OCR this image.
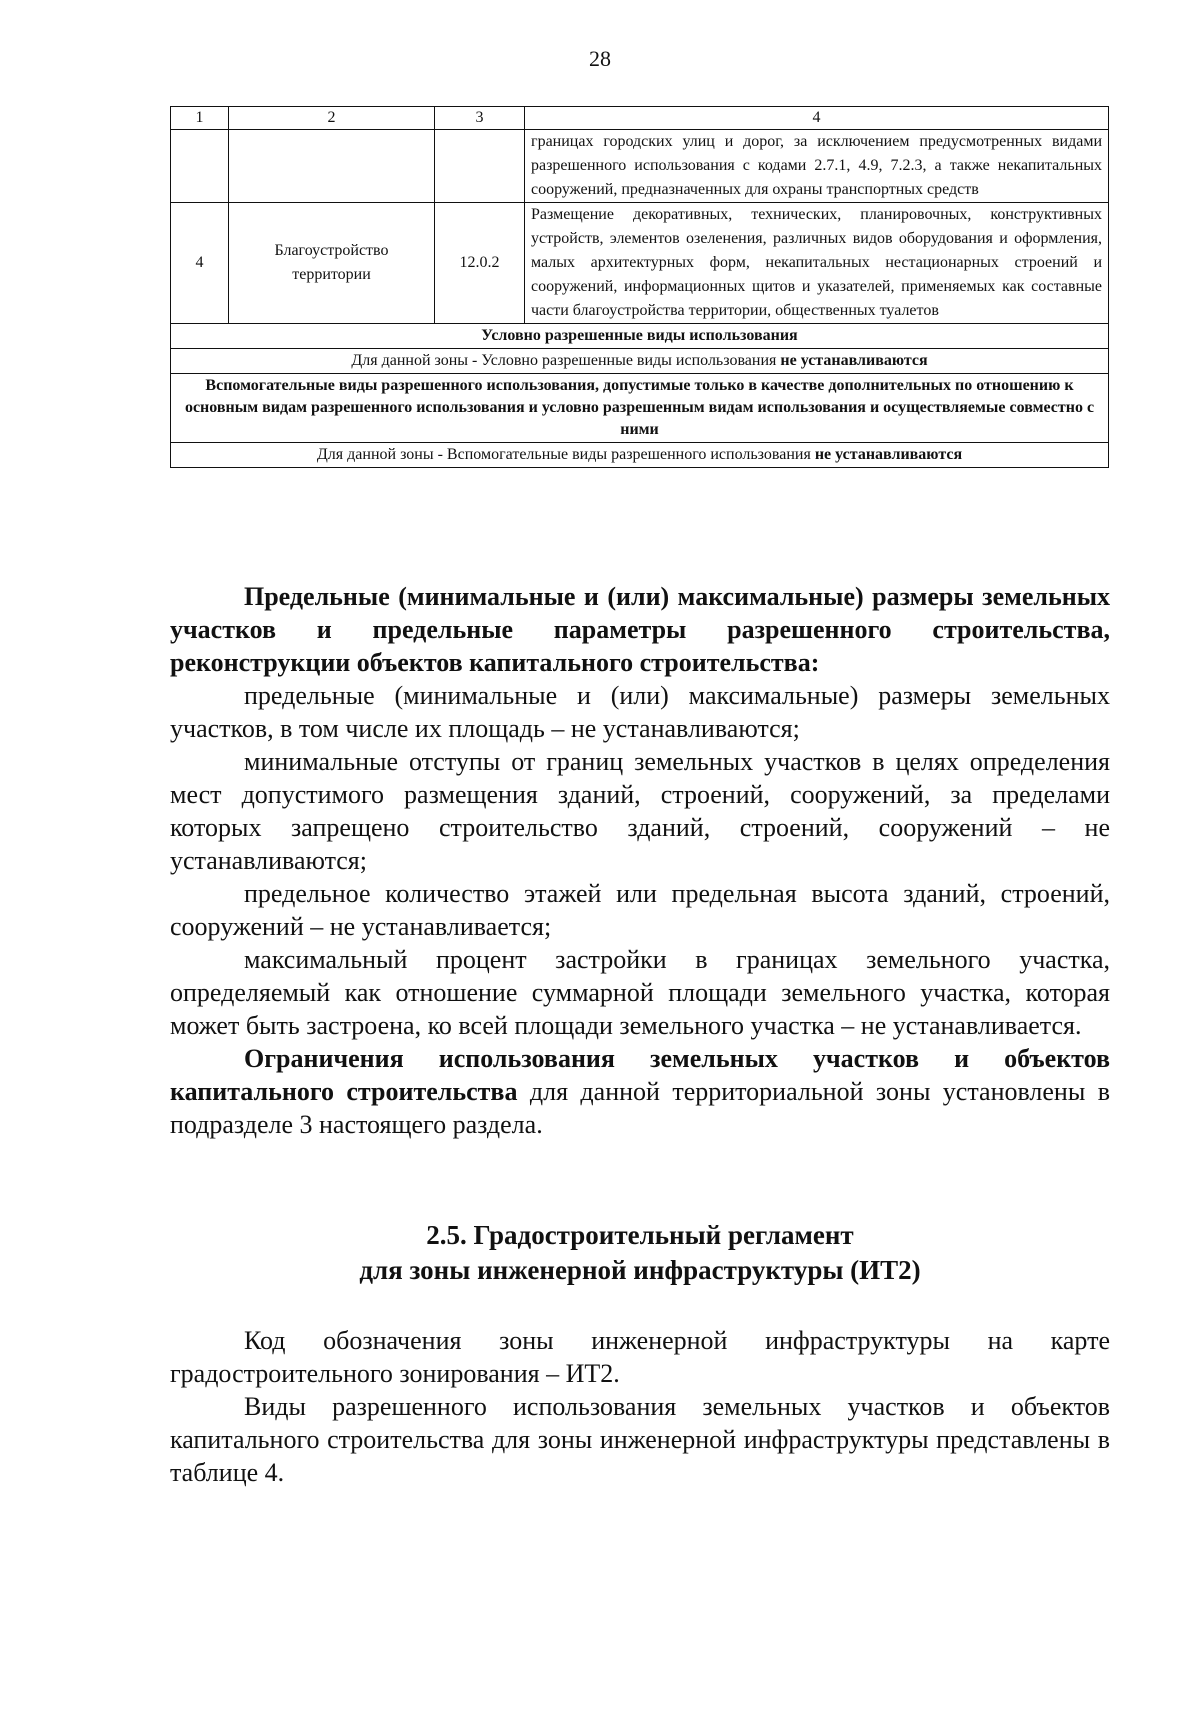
28
1	2	3	4
			границах городских улиц и дорог, за исключением предусмотренных видами разрешенного использования с кодами 2.7.1, 4.9, 7.2.3, а также некапитальных сооружений, предназначенных для охраны транспортных средств
4	Благоустройство территории	12.0.2	Размещение декоративных, технических, планировочных, конструктивных устройств, элементов озеленения, различных видов оборудования и оформления, малых архитектурных форм, некапитальных нестационарных строений и сооружений, информационных щитов и указателей, применяемых как составные части благоустройства территории, общественных туалетов
Условно разрешенные виды использования			
Для данной зоны - Условно разрешенные виды использования не устанавливаются			
Вспомогательные виды разрешенного использования, допустимые только в качестве дополнительных по отношению к основным видам разрешенного использования и условно разрешенным видам использования и осуществляемые совместно с ними			
Для данной зоны - Вспомогательные виды разрешенного использования не устанавливаются			

Предельные (минимальные и (или) максимальные) размеры земельных участков и предельные параметры разрешенного строительства, реконструкции объектов капитального строительства:

предельные (минимальные и (или) максимальные) размеры земельных участков, в том числе их площадь – не устанавливаются;

минимальные отступы от границ земельных участков в целях определения мест допустимого размещения зданий, строений, сооружений, за пределами которых запрещено строительство зданий, строений, сооружений – не устанавливаются;

предельное количество этажей или предельная высота зданий, строений, сооружений – не устанавливается;

максимальный процент застройки в границах земельного участка, определяемый как отношение суммарной площади земельного участка, которая может быть застроена, ко всей площади земельного участка – не устанавливается.

Ограничения использования земельных участков и объектов капитального строительства для данной территориальной зоны установлены в подразделе 3 настоящего раздела.

2.5. Градостроительный регламент
для зоны инженерной инфраструктуры (ИТ2)

Код обозначения зоны инженерной инфраструктуры на карте градостроительного зонирования – ИТ2.

Виды разрешенного использования земельных участков и объектов капитального строительства для зоны инженерной инфраструктуры представлены в таблице 4.
